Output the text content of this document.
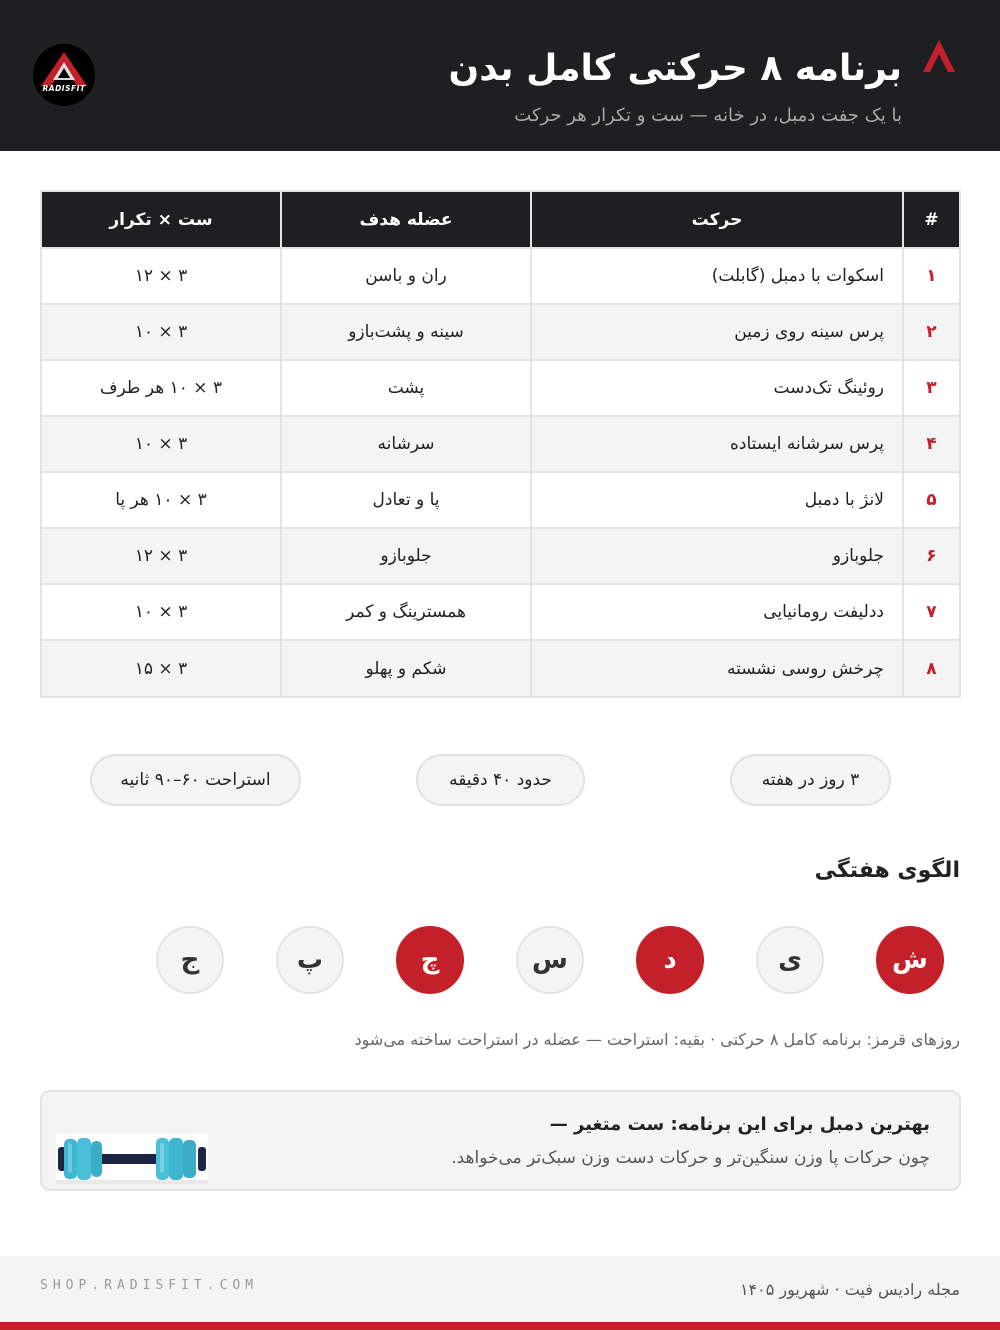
برنامه ۸ حرکتی کامل بدن
با یک جفت دمبل، در خانه — ست و تکرار هر حرکت
RADISFIT
#	حرکت	عضله هدف	ست × تکرار
۱	اسکوات با دمبل (گابلت)	ران و باسن	۳ × ۱۲
۲	پرس سینه روی زمین	سینه و پشت‌بازو	۳ × ۱۰
۳	روئینگ تک‌دست	پشت	۳ × ۱۰ هر طرف
۴	پرس سرشانه ایستاده	سرشانه	۳ × ۱۰
۵	لانژ با دمبل	پا و تعادل	۳ × ۱۰ هر پا
۶	جلوبازو	جلوبازو	۳ × ۱۲
۷	ددلیفت رومانیایی	همسترینگ و کمر	۳ × ۱۰
۸	چرخش روسی نشسته	شکم و پهلو	۳ × ۱۵
۳ روز در هفته
حدود ۴۰ دقیقه
استراحت ۶۰–۹۰ ثانیه
الگوی هفتگی
ش
ی
د
س
چ
پ
ج
روزهای قرمز: برنامه کامل ۸ حرکتی · بقیه: استراحت — عضله در استراحت ساخته می‌شود
بهترین دمبل برای این برنامه: ست متغیر —
چون حرکات پا وزن سنگین‌تر و حرکات دست وزن سبک‌تر می‌خواهد.
SHOP.RADISFIT.COM	مجله رادیس فیت · شهریور ۱۴۰۵
